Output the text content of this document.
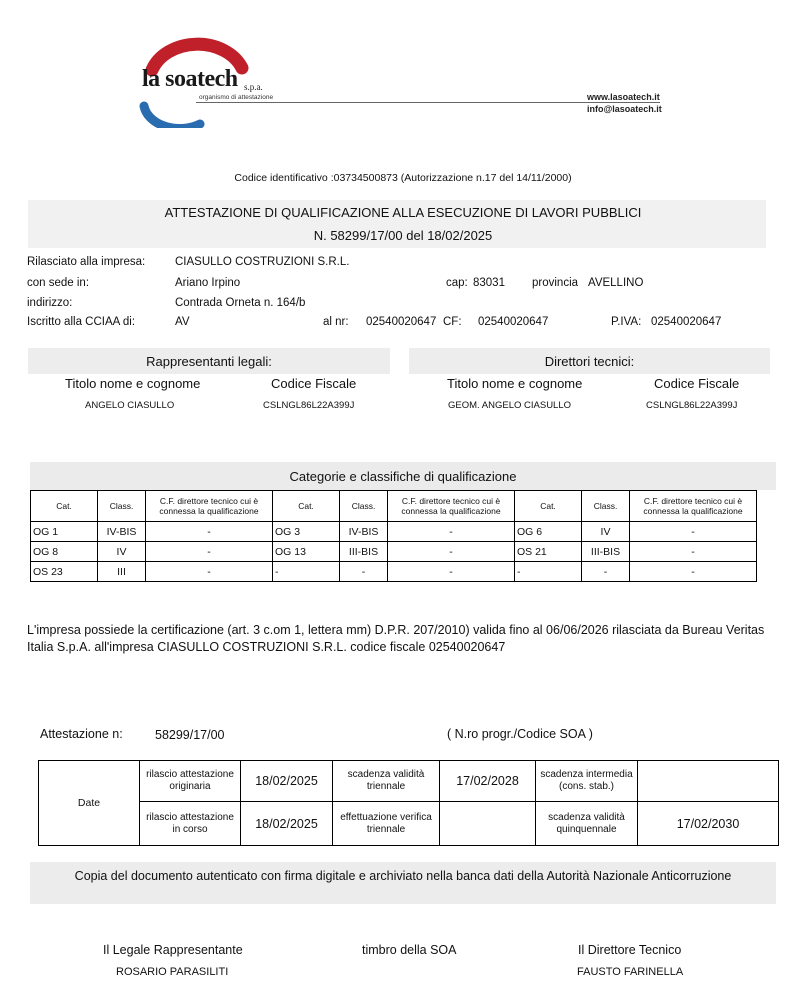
la soatech s.p.a.
organismo di attestazione	www.lasoatech.it
info@lasoatech.it
Codice identificativo :03734500873 (Autorizzazione n.17 del 14/11/2000)
ATTESTAZIONE DI QUALIFICAZIONE ALLA ESECUZIONE DI LAVORI PUBBLICI
N. 58299/17/00 del 18/02/2025
Rilasciato alla impresa:	CIASULLO COSTRUZIONI S.R.L.
con sede in:	Ariano Irpino	cap: 83031 provincia AVELLINO
indirizzo:	Contrada Orneta n. 164/b
Iscritto alla CCIAA di:	AV	al nr: 02540020647 CF: 02540020647	P.IVA: 02540020647
Rappresentanti legali:	Direttori tecnici:
Titolo nome e cognome	Codice Fiscale	Titolo nome e cognome	Codice Fiscale
ANGELO CIASULLO	CSLNGL86L22A399J	GEOM. ANGELO CIASULLO	CSLNGL86L22A399J
Categorie e classifiche di qualificazione
Cat.	Class.	C.F. direttore tecnico cui è connessa la qualificazione	Cat.	Class.	C.F. direttore tecnico cui è connessa la qualificazione	Cat.	Class.	C.F. direttore tecnico cui è connessa la qualificazione
OG 1	IV-BIS	-	OG 3	IV-BIS	-	OG 6	IV	-
OG 8	IV	-	OG 13	III-BIS	-	OS 21	III-BIS	-
OS 23	III	-	-	-	-	-	-	-
L'impresa possiede la certificazione (art. 3 c.om 1, lettera mm) D.P.R. 207/2010) valida fino al 06/06/2026 rilasciata da Bureau Veritas Italia S.p.A. all'impresa CIASULLO COSTRUZIONI S.R.L. codice fiscale 02540020647
Attestazione n:	58299/17/00	( N.ro progr./Codice SOA )
Date	rilascio attestazione originaria	18/02/2025	scadenza validità triennale	17/02/2028	scadenza intermedia (cons. stab.)	
	rilascio attestazione in corso	18/02/2025	effettuazione verifica triennale		scadenza validità quinquennale	17/02/2030
Copia del documento autenticato con firma digitale e archiviato nella banca dati della Autorità Nazionale Anticorruzione
Il Legale Rappresentante
ROSARIO PARASILITI
timbro della SOA	Il Direttore Tecnico
FAUSTO FARINELLA
